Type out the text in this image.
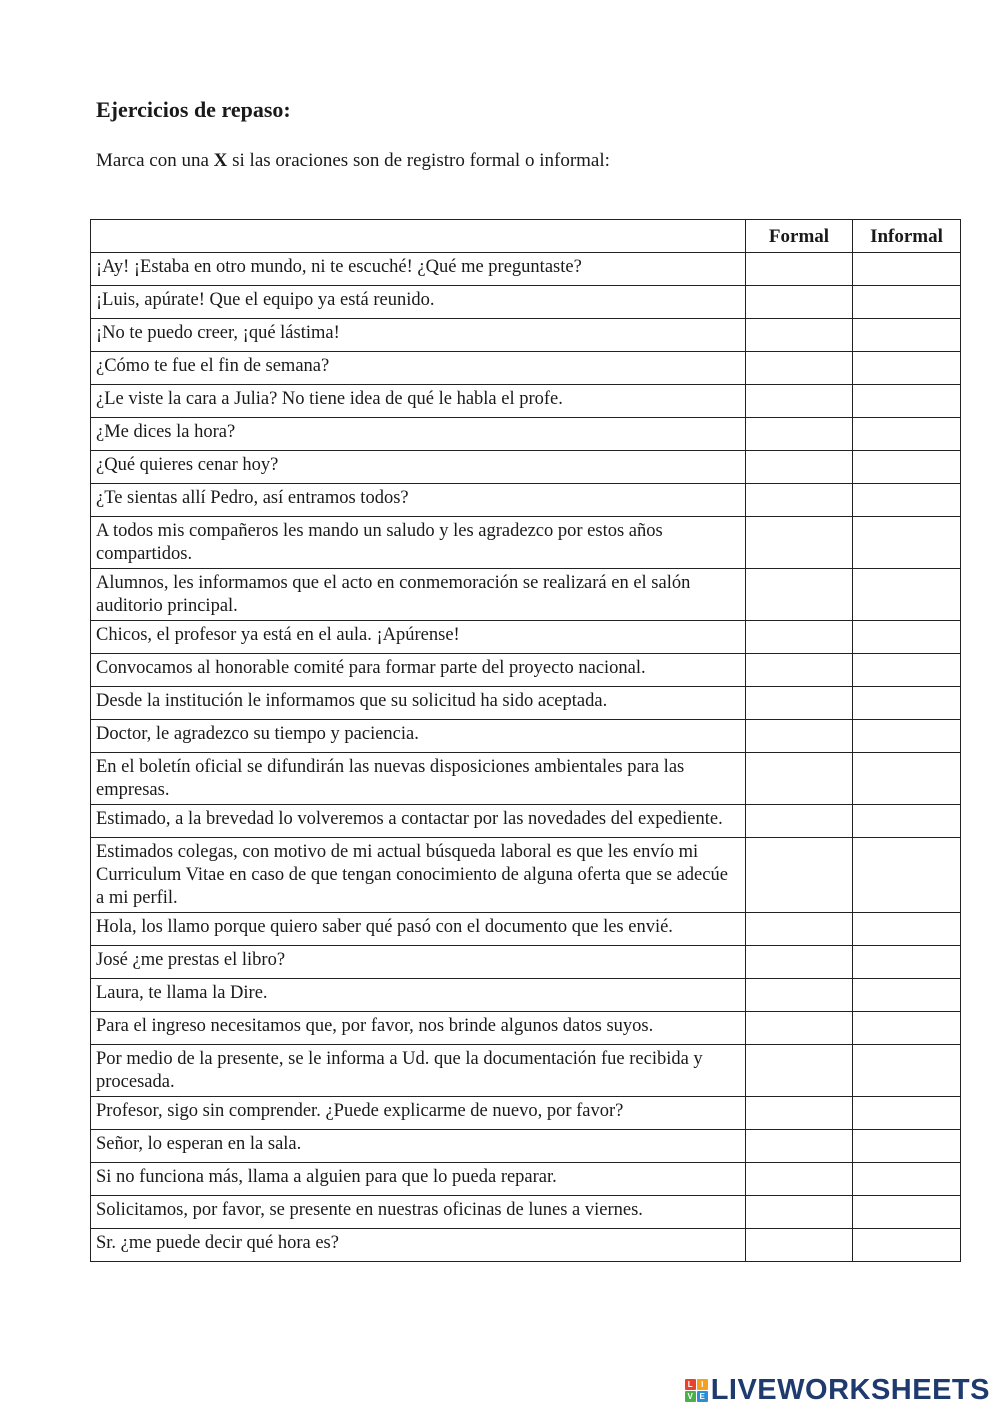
Ejercicios de repaso:

Marca con una X si las oraciones son de registro formal o informal:

	Formal	Informal
¡Ay! ¡Estaba en otro mundo, ni te escuché! ¿Qué me preguntaste?		
¡Luis, apúrate! Que el equipo ya está reunido.		
¡No te puedo creer, ¡qué lástima!		
¿Cómo te fue el fin de semana?		
¿Le viste la cara a Julia? No tiene idea de qué le habla el profe.		
¿Me dices la hora?		
¿Qué quieres cenar hoy?		
¿Te sientas allí Pedro, así entramos todos?		
A todos mis compañeros les mando un saludo y les agradezco por estos años compartidos.		
Alumnos, les informamos que el acto en conmemoración se realizará en el salón auditorio principal.		
Chicos, el profesor ya está en el aula. ¡Apúrense!		
Convocamos al honorable comité para formar parte del proyecto nacional.		
Desde la institución le informamos que su solicitud ha sido aceptada.		
Doctor, le agradezco su tiempo y paciencia.		
En el boletín oficial se difundirán las nuevas disposiciones ambientales para las empresas.		
Estimado, a la brevedad lo volveremos a contactar por las novedades del expediente.		
Estimados colegas, con motivo de mi actual búsqueda laboral es que les envío mi Curriculum Vitae en caso de que tengan conocimiento de alguna oferta que se adecúe a mi perfil.		
Hola, los llamo porque quiero saber qué pasó con el documento que les envié.		
José ¿me prestas el libro?		
Laura, te llama la Dire.		
Para el ingreso necesitamos que, por favor, nos brinde algunos datos suyos.		
Por medio de la presente, se le informa a Ud. que la documentación fue recibida y procesada.		
Profesor, sigo sin comprender. ¿Puede explicarme de nuevo, por favor?		
Señor, lo esperan en la sala.		
Si no funciona más, llama a alguien para que lo pueda reparar.		
Solicitamos, por favor, se presente en nuestras oficinas de lunes a viernes.		
Sr. ¿me puede decir qué hora es?		
L	I
V E LIVEWORKSHEETS
